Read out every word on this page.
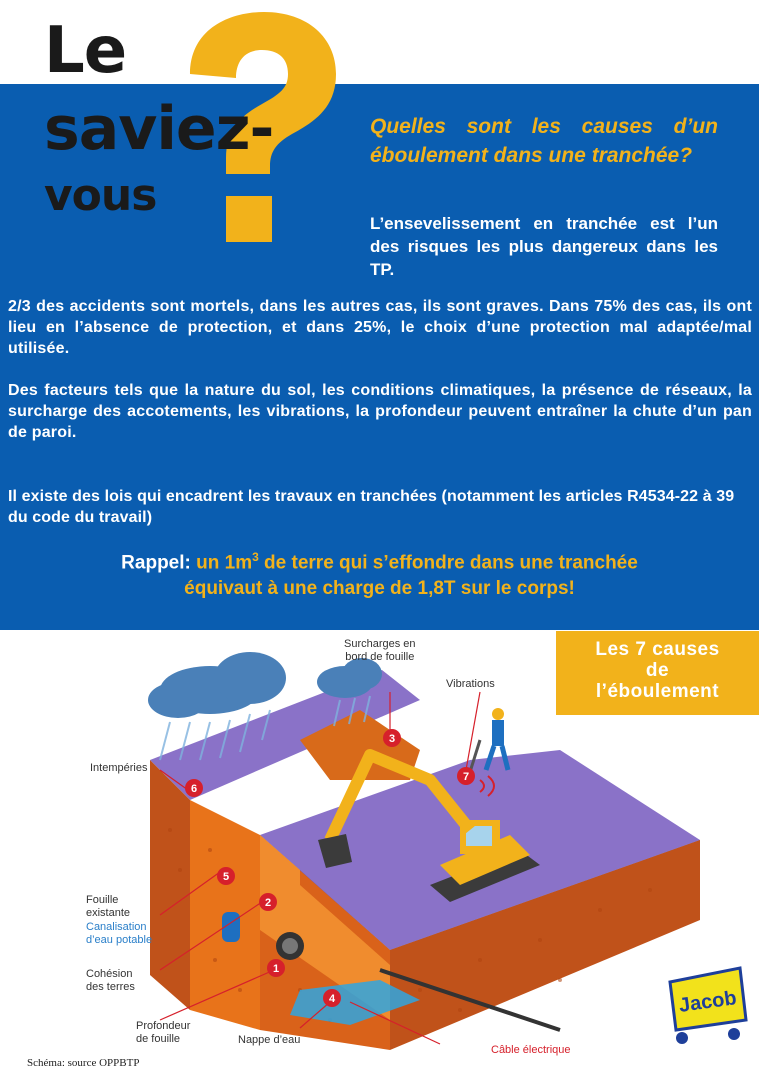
Le
saviez-
vous
Quelles sont les causes d’un éboulement dans une tranchée?
L’ensevelissement en tranchée est l’un des risques les plus dangereux dans les TP.
2/3 des accidents sont mortels, dans les autres cas, ils sont graves. Dans 75% des cas, ils ont lieu en l’absence de protection, et dans 25%, le choix d’une protection mal adaptée/mal utilisée.
Des facteurs tels que la nature du sol, les conditions climatiques, la présence de réseaux, la surcharge des accotements, les vibrations, la profondeur peuvent entraîner la chute d’un pan de paroi.
Il existe des lois qui encadrent les travaux en tranchées (notamment les articles R4534-22 à 39 du code du travail)
Rappel: un $1m^3$ de terre qui s’effondre dans une tranchée
équivaut à une charge de 1,8T sur le corps!
1
2
3
4
5
6
7
Les 7 causes
de
l’éboulement
Surcharges en
bord de fouille
Vibrations
Intempéries
Fouille
existante
Canalisation
d’eau potable
Cohésion
des terres
Profondeur
de fouille	Nappe d’eau
Câble électrique
Jacob
Schéma: source OPPBTP
